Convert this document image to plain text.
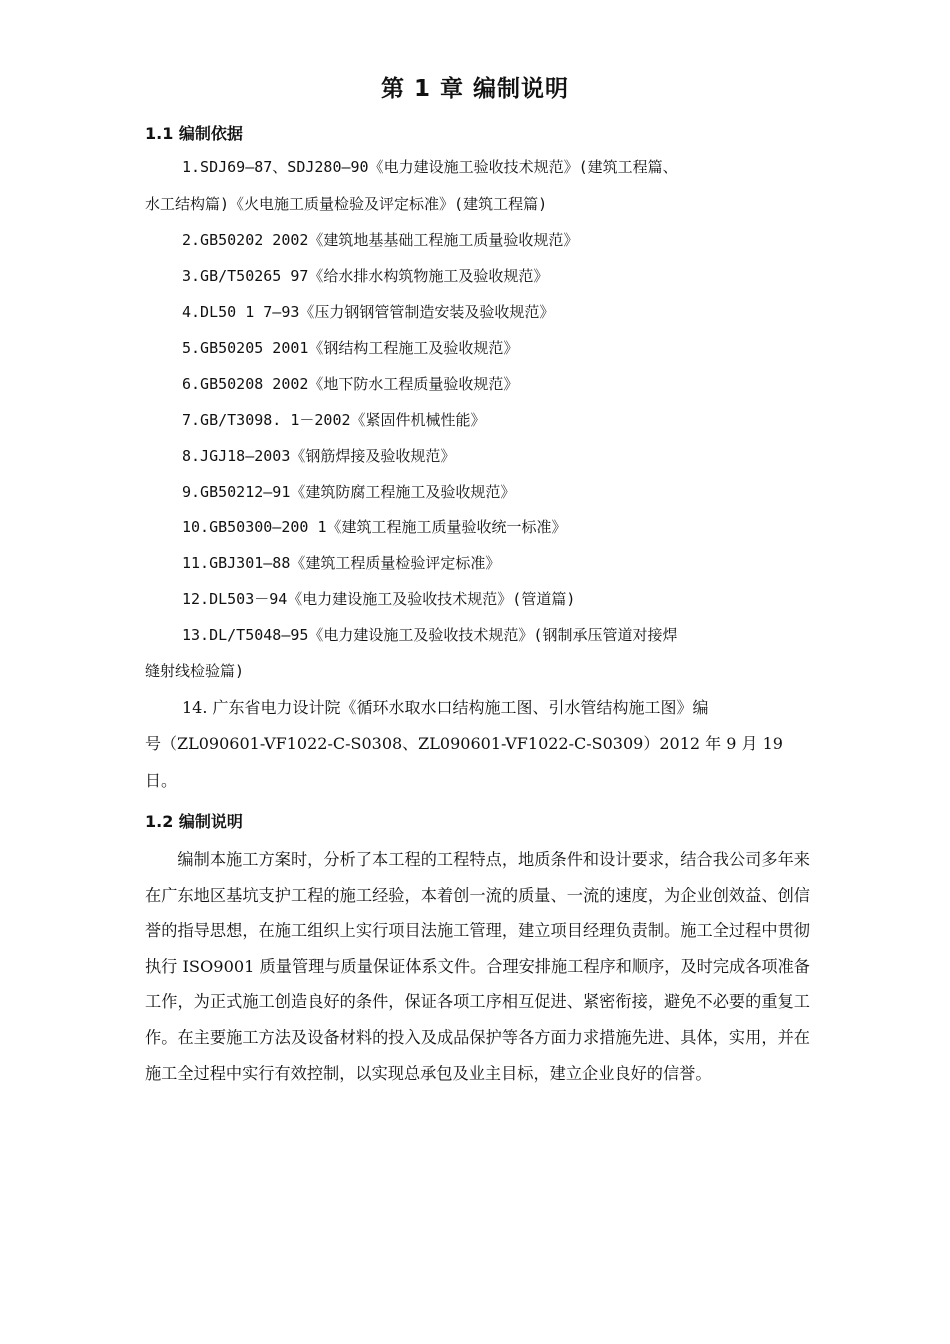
第 1 章 编制说明
1.1 编制依据
1.SDJ69—87、SDJ280—90《电力建设施工验收技术规范》(建筑工程篇、
水工结构篇)《火电施工质量检验及评定标准》(建筑工程篇)
2.GB50202 2002《建筑地基基础工程施工质量验收规范》
3.GB/T50265 97《给水排水构筑物施工及验收规范》
4.DL50 1 7—93《压力钢钢管管制造安装及验收规范》
5.GB50205 2001《钢结构工程施工及验收规范》
6.GB50208 2002《地下防水工程质量验收规范》
7.GB/T3098. 1－2002《紧固件机械性能》
8.JGJ18—2003《钢筋焊接及验收规范》
9.GB50212—91《建筑防腐工程施工及验收规范》
10.GB50300—200 1《建筑工程施工质量验收统一标准》
11.GBJ301—88《建筑工程质量检验评定标准》
12.DL503－94《电力建设施工及验收技术规范》(管道篇)
13.DL/T5048—95《电力建设施工及验收技术规范》(钢制承压管道对接焊
缝射线检验篇)
14. 广东省电力设计院《循环水取水口结构施工图、引水管结构施工图》编
号（ZL090601-VF1022-C-S0308、ZL090601-VF1022-C-S0309）2012 年 9 月 19
日。
1.2 编制说明
编制本施工方案时，分析了本工程的工程特点，地质条件和设计要求，结合我公司多年来在广东地区基坑支护工程的施工经验，本着创一流的质量、一流的速度，为企业创效益、创信誉的指导思想，在施工组织上实行项目法施工管理，建立项目经理负责制。施工全过程中贯彻执行 ISO9001 质量管理与质量保证体系文件。合理安排施工程序和顺序，及时完成各项准备工作，为正式施工创造良好的条件，保证各项工序相互促进、紧密衔接，避免不必要的重复工作。在主要施工方法及设备材料的投入及成品保护等各方面力求措施先进、具体，实用，并在施工全过程中实行有效控制，以实现总承包及业主目标，建立企业良好的信誉。
